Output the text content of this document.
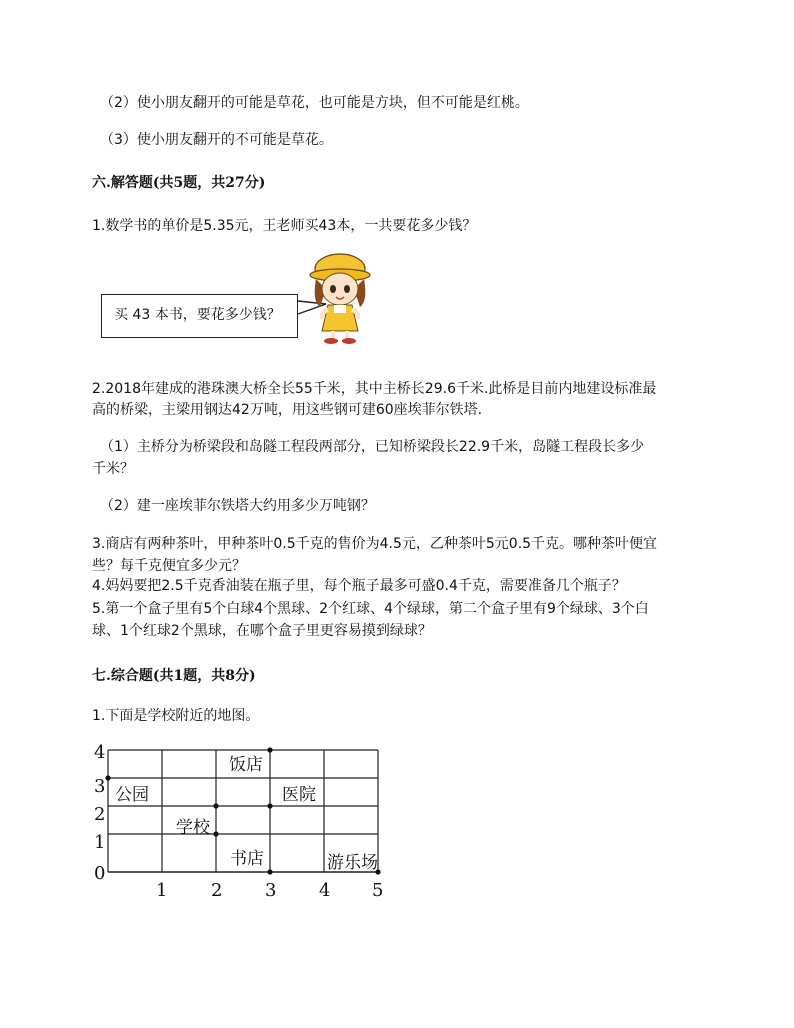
（2）使小朋友翻开的可能是草花，也可能是方块，但不可能是红桃。
（3）使小朋友翻开的不可能是草花。
六.解答题(共5题，共27分)
1.数学书的单价是5.35元，王老师买43本，一共要花多少钱？
买 43 本书，要花多少钱？
2.2018年建成的港珠澳大桥全长55千米，其中主桥长29.6千米.此桥是目前内地建设标准最
高的桥梁，主梁用钢达42万吨，用这些钢可建60座埃菲尔铁塔.
（1）主桥分为桥梁段和岛隧工程段两部分，已知桥梁段长22.9千米，岛隧工程段长多少
千米？
（2）建一座埃菲尔铁塔大约用多少万吨钢？
3.商店有两种茶叶，甲种茶叶0.5千克的售价为4.5元，乙种茶叶5元0.5千克。哪种茶叶便宜
些？每千克便宜多少元？
4.妈妈要把2.5千克香油装在瓶子里，每个瓶子最多可盛0.4千克，需要准备几个瓶子？
5.第一个盒子里有5个白球4个黑球、2个红球、4个绿球，第二个盒子里有9个绿球、3个白
球、1个红球2个黑球，在哪个盒子里更容易摸到绿球？
七.综合题(共1题，共8分)
1.下面是学校附近的地图。
0
1
2
3
4
1 2 3 4 5
饭店
公园	医院
学校
书店	游乐场
